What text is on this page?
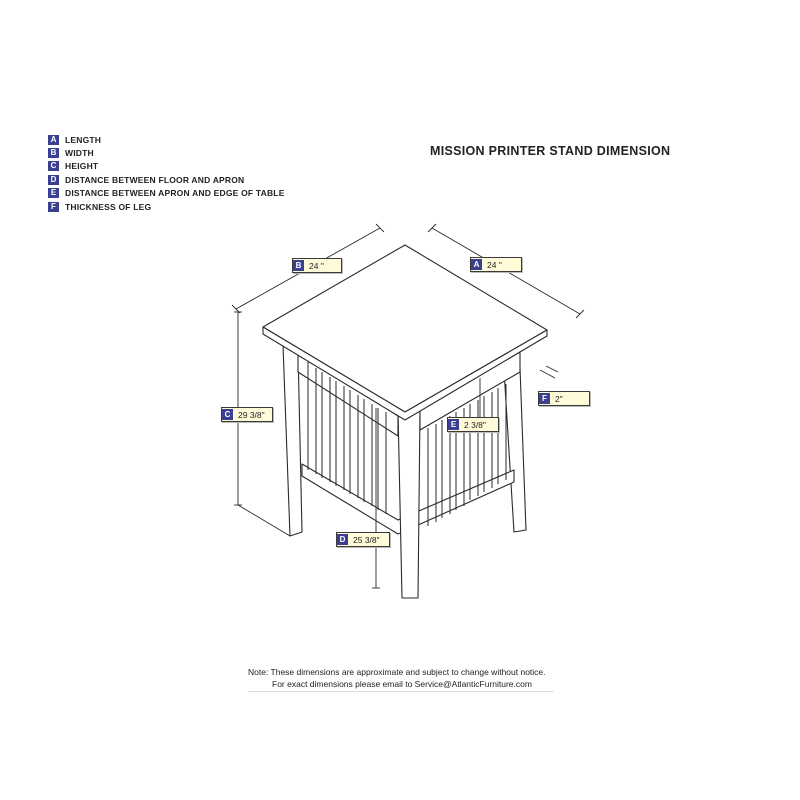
A	LENGTH
B	WIDTH
C	HEIGHT
D	DISTANCE BETWEEN FLOOR AND APRON
E	DISTANCE BETWEEN APRON AND EDGE OF TABLE
F	THICKNESS OF LEG
MISSION PRINTER STAND DIMENSION
B 24 "	A 24 "
C 29 3/8"
E 2 3/8"
F 2"
D 25 3/8"
Note: These dimensions are approximate and subject to change without notice.
For exact dimensions please email to Service@AtlanticFurniture.com
